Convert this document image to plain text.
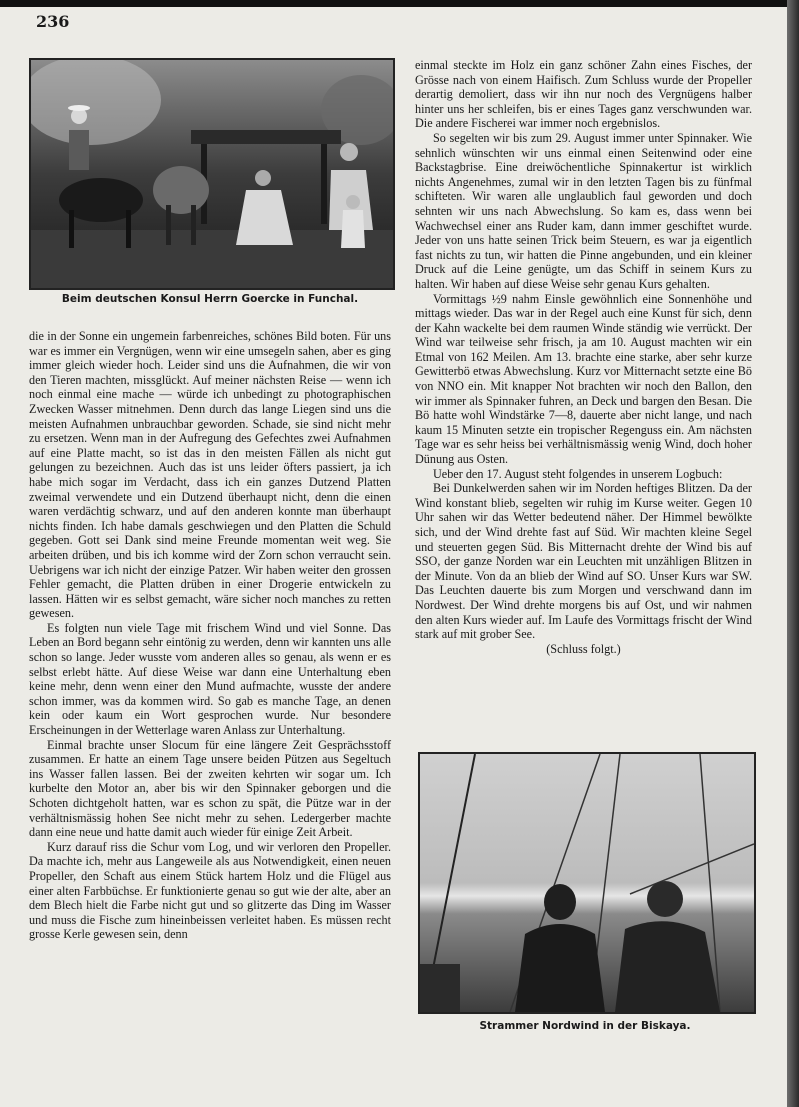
236
Beim deutschen Konsul Herrn Goercke in Funchal.

die in der Sonne ein ungemein farbenreiches, schönes Bild boten. Für uns war es immer ein Vergnügen, wenn wir eine umsegeln sahen, aber es ging immer gleich wieder hoch. Leider sind uns die Aufnahmen, die wir von den Tieren machten, missglückt. Auf meiner nächsten Reise — wenn ich noch einmal eine mache — würde ich unbedingt zu photographischen Zwecken Wasser mitnehmen. Denn durch das lange Liegen sind uns die meisten Aufnahmen unbrauchbar geworden. Schade, sie sind nicht mehr zu ersetzen. Wenn man in der Aufregung des Gefechtes zwei Aufnahmen auf eine Platte macht, so ist das in den meisten Fällen als nicht gut gelungen zu bezeichnen. Auch das ist uns leider öfters passiert, ja ich habe mich sogar im Verdacht, dass ich ein ganzes Dutzend Platten zweimal verwendete und ein Dutzend überhaupt nicht, denn die einen waren verdächtig schwarz, und auf den anderen konnte man überhaupt nichts finden. Ich habe damals geschwiegen und den Platten die Schuld gegeben. Gott sei Dank sind meine Freunde momentan weit weg. Sie arbeiten drüben, und bis ich komme wird der Zorn schon verraucht sein. Uebrigens war ich nicht der einzige Patzer. Wir haben weiter den grossen Fehler gemacht, die Platten drüben in einer Drogerie entwickeln zu lassen. Hätten wir es selbst gemacht, wäre sicher noch manches zu retten gewesen.

Es folgten nun viele Tage mit frischem Wind und viel Sonne. Das Leben an Bord begann sehr eintönig zu werden, denn wir kannten uns alle schon so lange. Jeder wusste vom anderen alles so genau, als wenn er es selbst erlebt hätte. Auf diese Weise war dann eine Unterhaltung eben keine mehr, denn wenn einer den Mund aufmachte, wusste der andere schon immer, was da kommen wird. So gab es manche Tage, an denen kein oder kaum ein Wort gesprochen wurde. Nur besondere Erscheinungen in der Wetterlage waren Anlass zur Unterhaltung.

Einmal brachte unser Slocum für eine längere Zeit Gesprächsstoff zusammen. Er hatte an einem Tage unsere beiden Pützen aus Segeltuch ins Wasser fallen lassen. Bei der zweiten kehrten wir sogar um. Ich kurbelte den Motor an, aber bis wir den Spinnaker geborgen und die Schoten dichtgeholt hatten, war es schon zu spät, die Pütze war in der verhältnismässig hohen See nicht mehr zu sehen. Ledergerber machte dann eine neue und hatte damit auch wieder für einige Zeit Arbeit.

Kurz darauf riss die Schur vom Log, und wir verloren den Propeller. Da machte ich, mehr aus Langeweile als aus Notwendigkeit, einen neuen Propeller, den Schaft aus einem Stück hartem Holz und die Flügel aus einer alten Farbbüchse. Er funktionierte genau so gut wie der alte, aber an dem Blech hielt die Farbe nicht gut und so glitzerte das Ding im Wasser und muss die Fische zum hineinbeissen verleitet haben. Es müssen recht grosse Kerle gewesen sein, denn

einmal steckte im Holz ein ganz schöner Zahn eines Fisches, der Grösse nach von einem Haifisch. Zum Schluss wurde der Propeller derartig demoliert, dass wir ihn nur noch des Vergnügens halber hinter uns her schleifen, bis er eines Tages ganz verschwunden war. Die andere Fischerei war immer noch ergebnislos.

So segelten wir bis zum 29. August immer unter Spinnaker. Wie sehnlich wünschten wir uns einmal einen Seitenwind oder eine Backstagbrise. Eine dreiwöchentliche Spinnakertur ist wirklich nichts Angenehmes, zumal wir in den letzten Tagen bis zu fünfmal schifteten. Wir waren alle unglaublich faul geworden und doch sehnten wir uns nach Abwechslung. So kam es, dass wenn bei Wachwechsel einer ans Ruder kam, dann immer geschiftet wurde. Jeder von uns hatte seinen Trick beim Steuern, es war ja eigentlich fast nichts zu tun, wir hatten die Pinne angebunden, und ein kleiner Druck auf die Leine genügte, um das Schiff in seinem Kurs zu halten. Wir haben auf diese Weise sehr genau Kurs gehalten.

Vormittags ½9 nahm Einsle gewöhnlich eine Sonnenhöhe und mittags wieder. Das war in der Regel auch eine Kunst für sich, denn der Kahn wackelte bei dem raumen Winde ständig wie verrückt. Der Wind war teilweise sehr frisch, ja am 10. August machten wir ein Etmal von 162 Meilen. Am 13. brachte eine starke, aber sehr kurze Gewitterbö etwas Abwechslung. Kurz vor Mitternacht setzte eine Bö von NNO ein. Mit knapper Not brachten wir noch den Ballon, den wir immer als Spinnaker fuhren, an Deck und bargen den Besan. Die Bö hatte wohl Windstärke 7—8, dauerte aber nicht lange, und nach kaum 15 Minuten setzte ein tropischer Regenguss ein. Am nächsten Tage war es sehr heiss bei verhältnismässig wenig Wind, doch hoher Dünung aus Osten.

Ueber den 17. August steht folgendes in unserem Logbuch:

Bei Dunkelwerden sahen wir im Norden heftiges Blitzen. Da der Wind konstant blieb, segelten wir ruhig im Kurse weiter. Gegen 10 Uhr sahen wir das Wetter bedeutend näher. Der Himmel bewölkte sich, und der Wind drehte fast auf Süd. Wir machten kleine Segel und steuerten gegen Süd. Bis Mitternacht drehte der Wind bis auf SSO, der ganze Norden war ein Leuchten mit unzähligen Blitzen in der Minute. Von da an blieb der Wind auf SO. Unser Kurs war SW. Das Leuchten dauerte bis zum Morgen und verschwand dann im Nordwest. Der Wind drehte morgens bis auf Ost, und wir nahmen den alten Kurs wieder auf. Im Laufe des Vormittags frischt der Wind stark auf mit grober See.

(Schluss folgt.)

Strammer Nordwind in der Biskaya.
